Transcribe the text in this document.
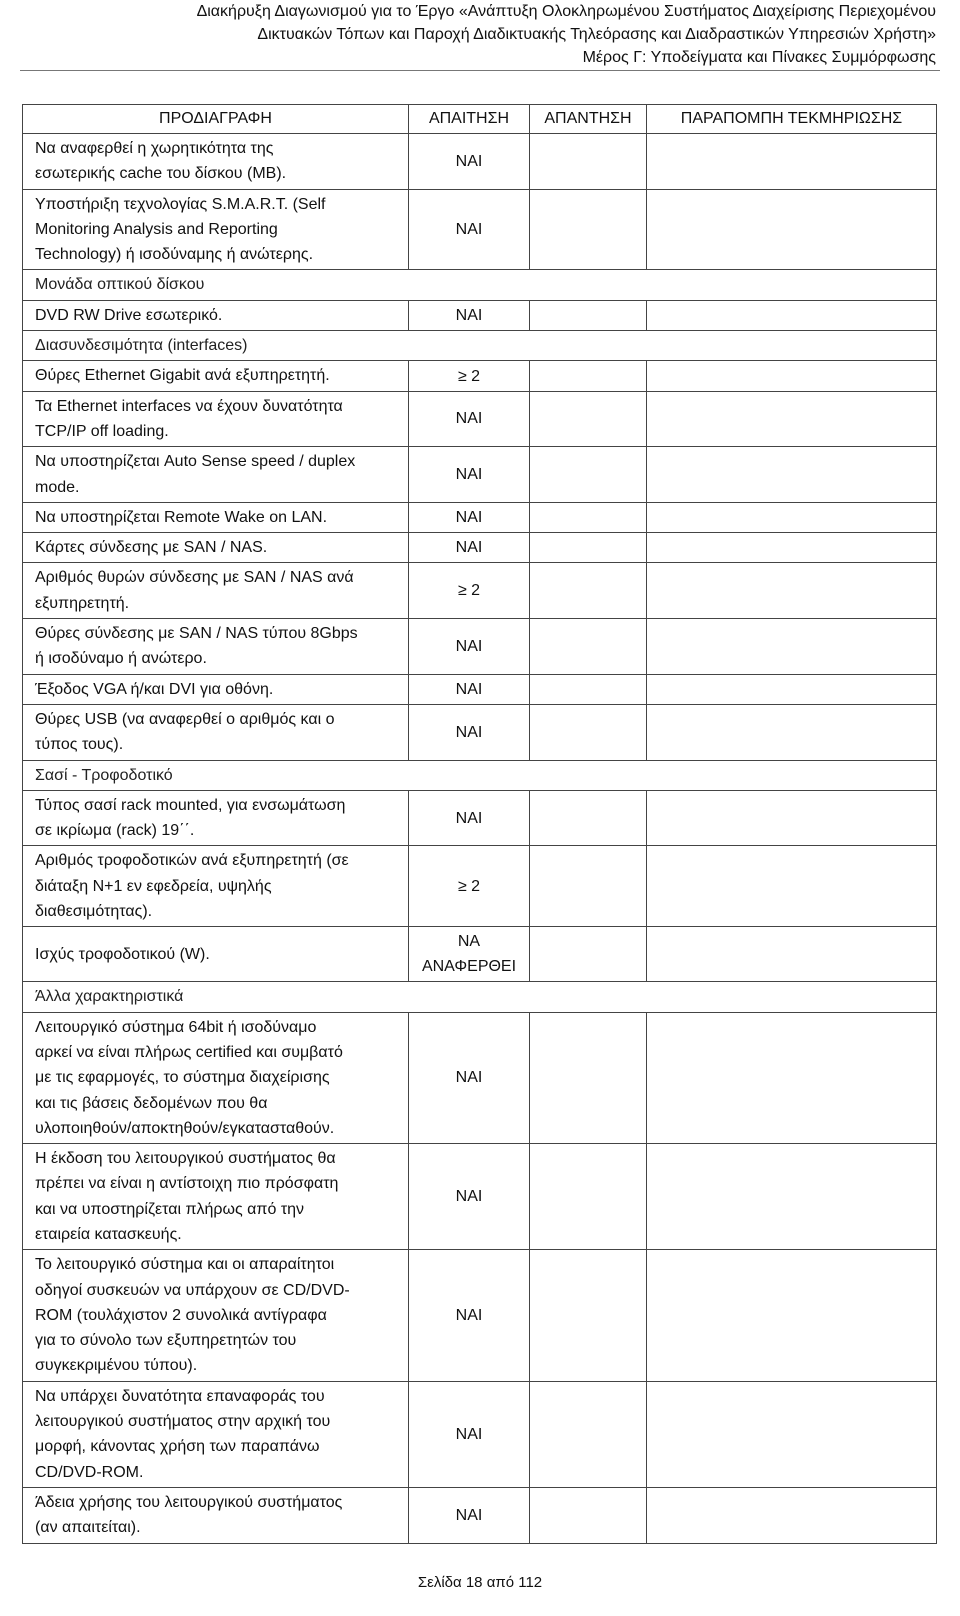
Διακήρυξη Διαγωνισμού για το Έργο «Ανάπτυξη Ολοκληρωμένου Συστήματος Διαχείρισης Περιεχομένου
Δικτυακών Τόπων και Παροχή Διαδικτυακής Τηλεόρασης και Διαδραστικών Υπηρεσιών Χρήστη»
Μέρος Γ: Υποδείγματα και Πίνακες Συμμόρφωσης
ΠΡΟΔΙΑΓΡΑΦΗ	ΑΠΑΙΤΗΣΗ	ΑΠΑΝΤΗΣΗ	ΠΑΡΑΠΟΜΠΗ ΤΕΚΜΗΡΙΩΣΗΣ

Να αναφερθεί η χωρητικότητα της
εσωτερικής cache του δίσκου (MB).	ΝΑΙ		

Υποστήριξη τεχνολογίας S.M.A.R.T. (Self
Monitoring Analysis and Reporting
Technology) ή ισοδύναμης ή ανώτερης.	ΝΑΙ		

Μονάδα οπτικού δίσκου			

DVD RW Drive εσωτερικό.	ΝΑΙ		

Διασυνδεσιμότητα (interfaces)			

Θύρες Ethernet Gigabit ανά εξυπηρετητή.	≥ 2		

Τα Ethernet interfaces να έχουν δυνατότητα
TCP/IP off loading.	ΝΑΙ		

Να υποστηρίζεται Auto Sense speed / duplex
mode.	ΝΑΙ		

Να υποστηρίζεται Remote Wake on LAN.	ΝΑΙ		

Κάρτες σύνδεσης με SAN / NAS.	ΝΑΙ		

Αριθμός θυρών σύνδεσης με SAN / NAS ανά
εξυπηρετητή.	≥ 2		

Θύρες σύνδεσης με SAN / NAS τύπου 8Gbps
ή ισοδύναμο ή ανώτερο.	ΝΑΙ		

Έξοδος VGA ή/και DVI για οθόνη.	ΝΑΙ		

Θύρες USB (να αναφερθεί ο αριθμός και ο
τύπος τους).	ΝΑΙ		

Σασί - Τροφοδοτικό			

Τύπος σασί rack mounted, για ενσωμάτωση
σε ικρίωμα (rack) 19΄΄.	ΝΑΙ		

Αριθμός τροφοδοτικών ανά εξυπηρετητή (σε
διάταξη Ν+1 εν εφεδρεία, υψηλής
διαθεσιμότητας).	≥ 2		

Ισχύς τροφοδοτικού (W).	ΝΑ
ΑΝΑΦΕΡΘΕΙ		

Άλλα χαρακτηριστικά			

Λειτουργικό σύστημα 64bit ή ισοδύναμο
αρκεί να είναι πλήρως certified και συμβατό
με τις εφαρμογές, το σύστημα διαχείρισης
και τις βάσεις δεδομένων που θα
υλοποιηθούν/αποκτηθούν/εγκατασταθούν.	ΝΑΙ		

Η έκδοση του λειτουργικού συστήματος θα
πρέπει να είναι η αντίστοιχη πιο πρόσφατη
και να υποστηρίζεται πλήρως από την
εταιρεία κατασκευής.	ΝΑΙ		

Το λειτουργικό σύστημα και οι απαραίτητοι
οδηγοί συσκευών να υπάρχουν σε CD/DVD-
ROM (τουλάχιστον 2 συνολικά αντίγραφα
για το σύνολο των εξυπηρετητών του
συγκεκριμένου τύπου).	ΝΑΙ		

Να υπάρχει δυνατότητα επαναφοράς του
λειτουργικού συστήματος στην αρχική του
μορφή, κάνοντας χρήση των παραπάνω
CD/DVD-ROM.	ΝΑΙ		

Άδεια χρήσης του λειτουργικού συστήματος
(αν απαιτείται).	ΝΑΙ		

Σελίδα 18 από 112
